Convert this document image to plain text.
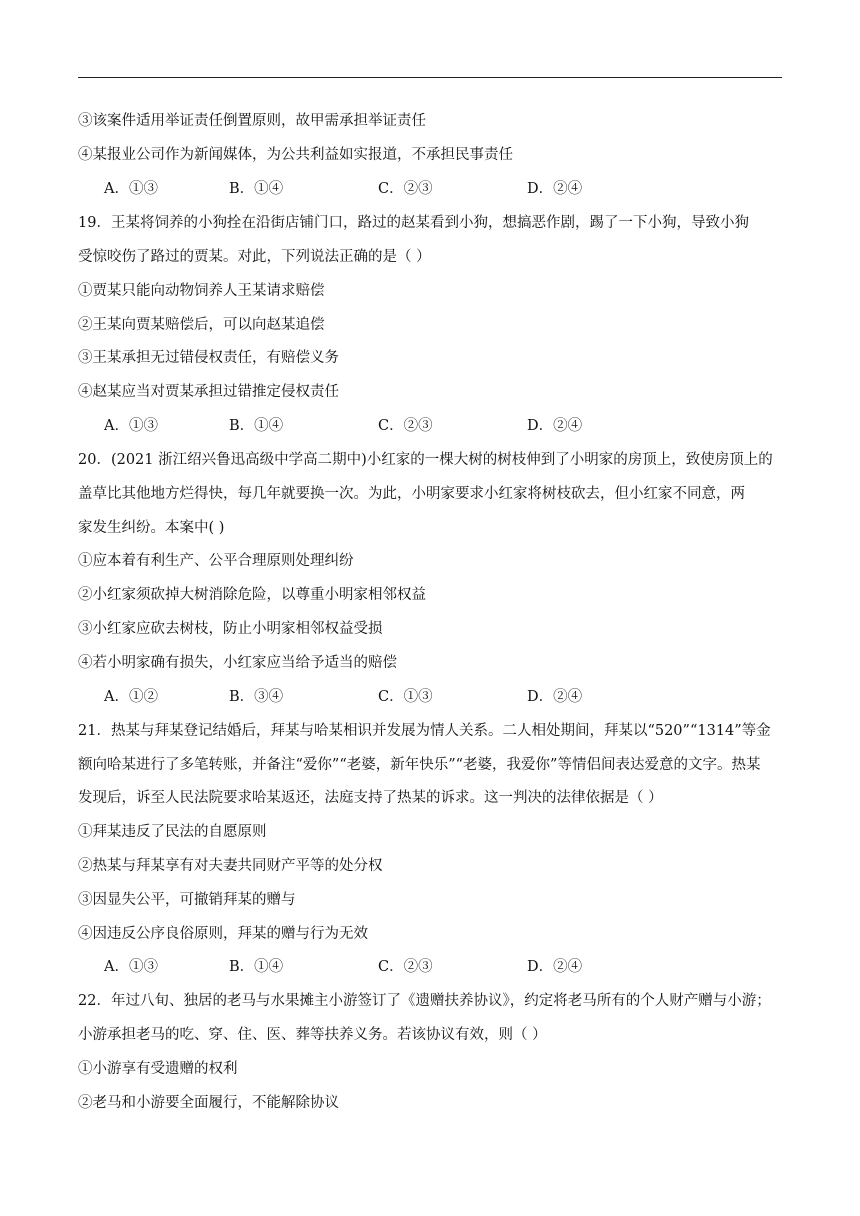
③该案件适用举证责任倒置原则，故甲需承担举证责任
④某报业公司作为新闻媒体，为公共利益如实报道，不承担民事责任
A．①③	B．①④	C．②③	D．②④
19．王某将饲养的小狗拴在沿街店铺门口，路过的赵某看到小狗，想搞恶作剧，踢了一下小狗，导致小狗
受惊咬伤了路过的贾某。对此，下列说法正确的是（ ）
①贾某只能向动物饲养人王某请求赔偿
②王某向贾某赔偿后，可以向赵某追偿
③王某承担无过错侵权责任，有赔偿义务
④赵某应当对贾某承担过错推定侵权责任
A．①③	B．①④	C．②③	D．②④
20．(2021 浙江绍兴鲁迅高级中学高二期中)小红家的一棵大树的树枝伸到了小明家的房顶上，致使房顶上的
盖草比其他地方烂得快，每几年就要换一次。为此，小明家要求小红家将树枝砍去，但小红家不同意，两
家发生纠纷。本案中( )
①应本着有利生产、公平合理原则处理纠纷
②小红家须砍掉大树消除危险，以尊重小明家相邻权益
③小红家应砍去树枝，防止小明家相邻权益受损
④若小明家确有损失，小红家应当给予适当的赔偿
A．①②	B．③④	C．①③	D．②④
21．热某与拜某登记结婚后，拜某与哈某相识并发展为情人关系。二人相处期间，拜某以“520”“1314”等金
额向哈某进行了多笔转账，并备注“爱你”“老婆，新年快乐”“老婆，我爱你”等情侣间表达爱意的文字。热某
发现后，诉至人民法院要求哈某返还，法庭支持了热某的诉求。这一判决的法律依据是（ ）
①拜某违反了民法的自愿原则
②热某与拜某享有对夫妻共同财产平等的处分权
③因显失公平，可撤销拜某的赠与
④因违反公序良俗原则，拜某的赠与行为无效
A．①③	B．①④	C．②③	D．②④
22．年过八旬、独居的老马与水果摊主小游签订了《遗赠扶养协议》，约定将老马所有的个人财产赠与小游；
小游承担老马的吃、穿、住、医、葬等扶养义务。若该协议有效，则（ ）
①小游享有受遗赠的权利
②老马和小游要全面履行，不能解除协议
